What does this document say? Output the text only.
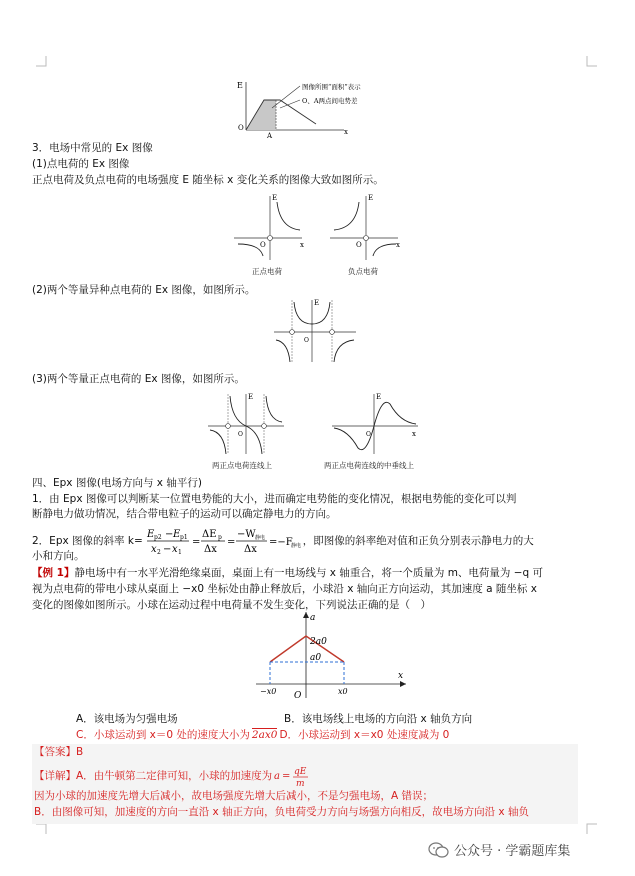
E
x
O
A
图像所围“面积”表示
O、A两点间电势差
3．电场中常见的 Ex 图像
(1)点电荷的 Ex 图像
正点电荷及负点电荷的电场强度 E 随坐标 x 变化关系的图像大致如图所示。
E
O	x
正点电荷
E
O	x
负点电荷
(2)两个等量异种点电荷的 Ex 图像，如图所示。
E
O
(3)两个等量正点电荷的 Ex 图像，如图所示。
E
O
两正点电荷连线上
E
O	x
两正点电荷连线的中垂线上
四、Epx 图像(电场方向与 x 轴平行)
1．由 Epx 图像可以判断某一位置电势能的大小，进而确定电势能的变化情况，根据电势能的变化可以判
断静电力做功情况，结合带电粒子的运动可以确定静电力的方向。
2．Epx 图像的斜率 k= E p2 − E p1
x 2 − x 1
=
ΔE p
Δx
=
−W 静电
Δx
=−F
静电 ，即图像的斜率绝对值和正负分别表示静电力的大
小和方向。
【例 1】静电场中有一水平光滑绝缘桌面，桌面上有一电场线与 x 轴重合，将一个质量为 m、电荷量为 −q 可
视为点电荷的带电小球从桌面上 −x0 坐标处由静止释放后，小球沿 x 轴向正方向运动，其加速度 a 随坐标 x
变化的图像如图所示。小球在运动过程中电荷量不发生变化，下列说法正确的是（　）
a
x
O
2a0
a0
−x0	x0
A．该电场为匀强电场	B．该电场线上电场的方向沿 x 轴负方向
C．小球运动到 x＝0 处的速度大小为 2ax0 D．小球运动到 x＝x0 处速度减为 0
【答案】B
【详解】 A．由牛顿第二定律可知，小球的加速度为 a = qE
m
因为小球的加速度先增大后减小，故电场强度先增大后减小，不是匀强电场，A 错误；
B．由图像可知，加速度的方向一直沿 x 轴正方向，负电荷受力方向与场强方向相反，故电场方向沿 x 轴负
公众号 · 学霸题库集
